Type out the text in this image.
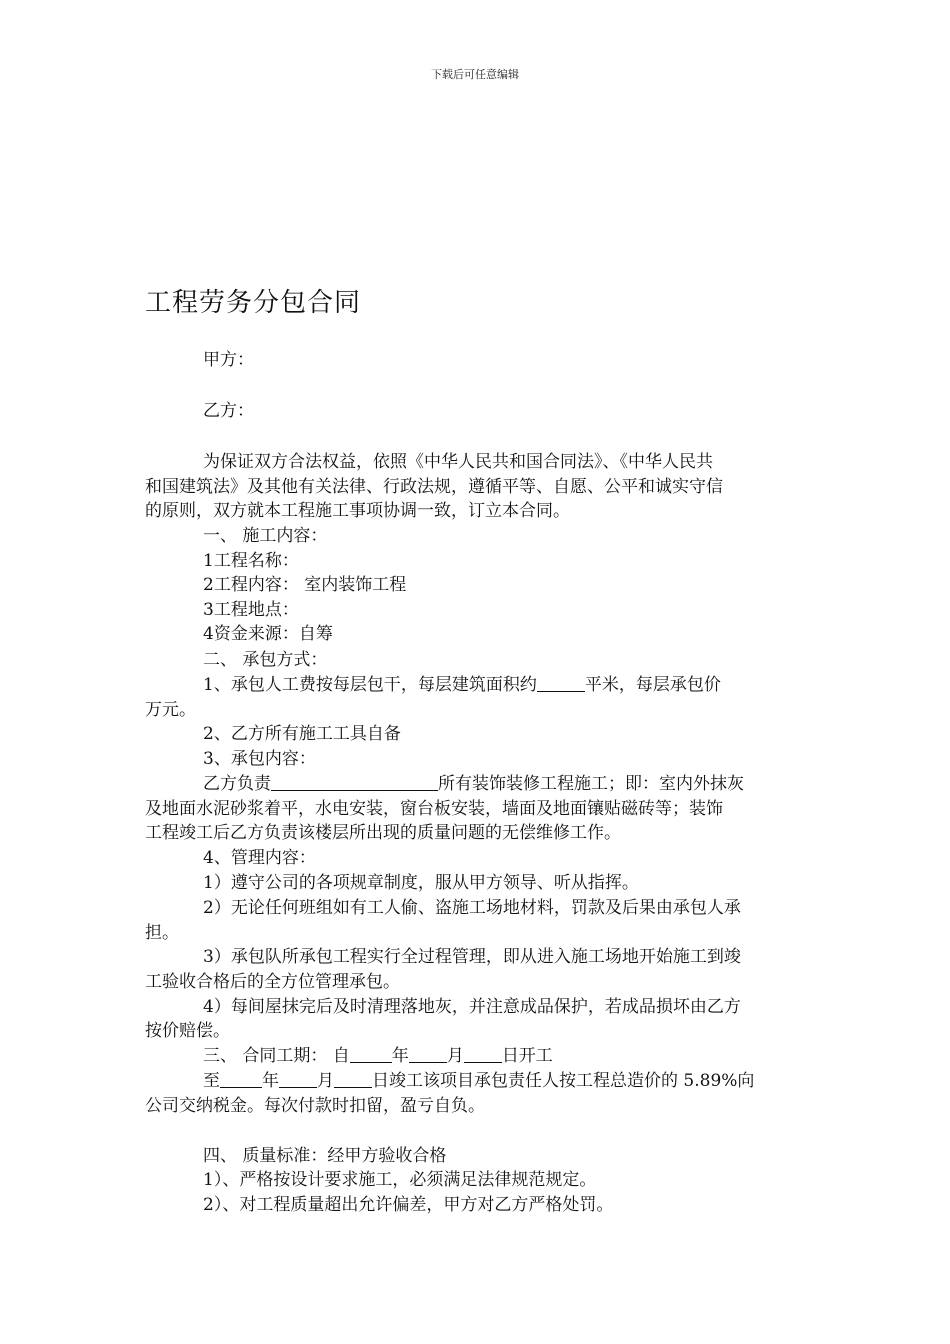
下载后可任意编辑
工程劳务分包合同
甲方：
乙方：
为保证双方合法权益，依照《中华人民共和国合同法》、《中华人民共
和国建筑法》及其他有关法律、行政法规，遵循平等、自愿、公平和诚实守信
的原则，双方就本工程施工事项协调一致，订立本合同。
一、 施工内容：
1工程名称：
2工程内容： 室内装饰工程
3工程地点：
4资金来源：自筹
二、 承包方式：
1、承包人工费按每层包干，每层建筑面积约	平米，每层承包价
万元。
2、乙方所有施工工具自备
3、承包内容：
乙方负责	所有装饰装修工程施工；即：室内外抹灰
及地面水泥砂浆着平，水电安装，窗台板安装，墙面及地面镶贴磁砖等；装饰
工程竣工后乙方负责该楼层所出现的质量问题的无偿维修工作。
4、管理内容：
1）遵守公司的各项规章制度，服从甲方领导、听从指挥。
2）无论任何班组如有工人偷、盗施工场地材料，罚款及后果由承包人承
担。
3）承包队所承包工程实行全过程管理，即从进入施工场地开始施工到竣
工验收合格后的全方位管理承包。
4）每间屋抹完后及时清理落地灰，并注意成品保护，若成品损坏由乙方
按价赔偿。
三、 合同工期： 自 年 月 日开工
至 年 月 日竣工该项目承包责任人按工程总造价的 5.89%向
公司交纳税金。每次付款时扣留，盈亏自负。
四、 质量标准：经甲方验收合格
1）、严格按设计要求施工，必须满足法律规范规定。
2）、对工程质量超出允许偏差，甲方对乙方严格处罚。
